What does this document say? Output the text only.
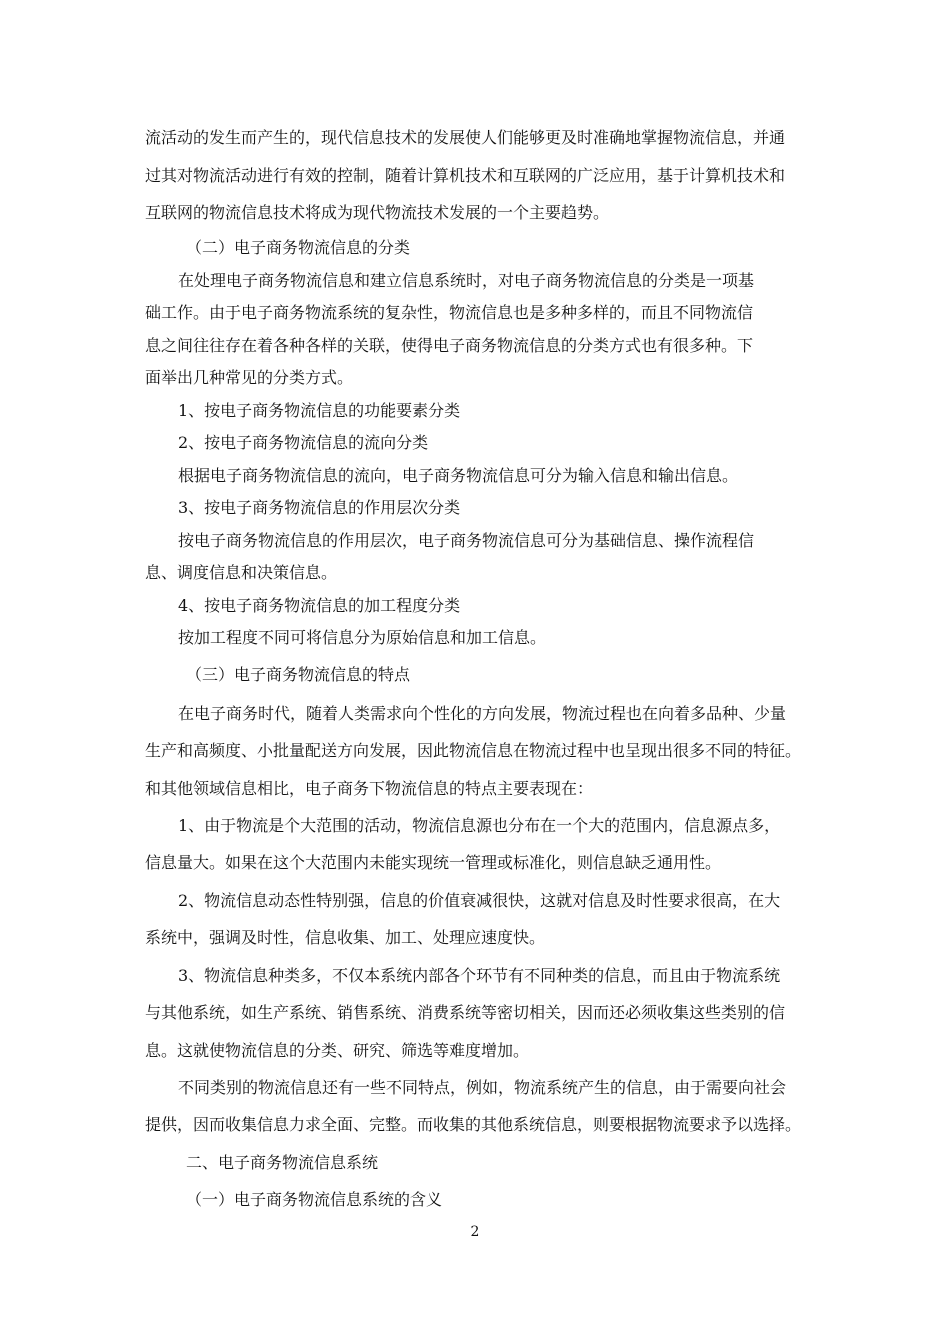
流活动的发生而产生的，现代信息技术的发展使人们能够更及时准确地掌握物流信息，并通
过其对物流活动进行有效的控制，随着计算机技术和互联网的广泛应用，基于计算机技术和
互联网的物流信息技术将成为现代物流技术发展的一个主要趋势。
（二）电子商务物流信息的分类
在处理电子商务物流信息和建立信息系统时，对电子商务物流信息的分类是一项基
础工作。由于电子商务物流系统的复杂性，物流信息也是多种多样的，而且不同物流信
息之间往往存在着各种各样的关联，使得电子商务物流信息的分类方式也有很多种。下
面举出几种常见的分类方式。
1、按电子商务物流信息的功能要素分类
2、按电子商务物流信息的流向分类
根据电子商务物流信息的流向，电子商务物流信息可分为输入信息和输出信息。
3、按电子商务物流信息的作用层次分类
按电子商务物流信息的作用层次，电子商务物流信息可分为基础信息、操作流程信
息、调度信息和决策信息。
4、按电子商务物流信息的加工程度分类
按加工程度不同可将信息分为原始信息和加工信息。
（三）电子商务物流信息的特点
在电子商务时代，随着人类需求向个性化的方向发展，物流过程也在向着多品种、少量
生产和高频度、小批量配送方向发展，因此物流信息在物流过程中也呈现出很多不同的特征。
和其他领域信息相比，电子商务下物流信息的特点主要表现在：
1、由于物流是个大范围的活动，物流信息源也分布在一个大的范围内，信息源点多，
信息量大。如果在这个大范围内未能实现统一管理或标准化，则信息缺乏通用性。
2、物流信息动态性特别强，信息的价值衰减很快，这就对信息及时性要求很高，在大
系统中，强调及时性，信息收集、加工、处理应速度快。
3、物流信息种类多，不仅本系统内部各个环节有不同种类的信息，而且由于物流系统
与其他系统，如生产系统、销售系统、消费系统等密切相关，因而还必须收集这些类别的信
息。这就使物流信息的分类、研究、筛选等难度增加。
不同类别的物流信息还有一些不同特点，例如，物流系统产生的信息，由于需要向社会
提供，因而收集信息力求全面、完整。而收集的其他系统信息，则要根据物流要求予以选择。
二、电子商务物流信息系统
（一）电子商务物流信息系统的含义
2
